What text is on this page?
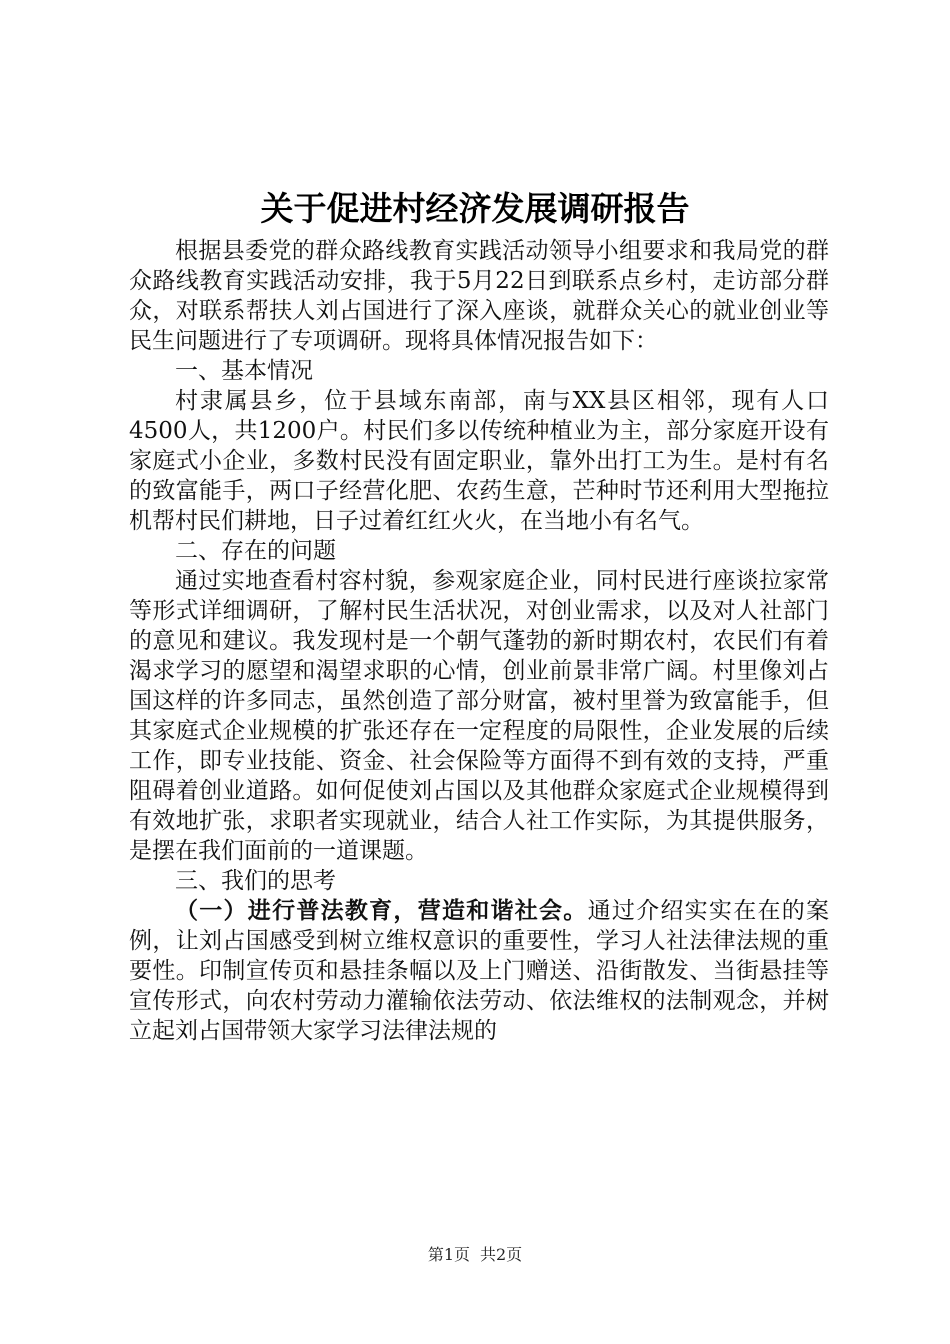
关于促进村经济发展调研报告

根据县委党的群众路线教育实践活动领导小组要求和我局党的群众路线教育实践活动安排，我于5月22日到联系点乡村，走访部分群众，对联系帮扶人刘占国进行了深入座谈，就群众关心的就业创业等民生问题进行了专项调研。现将具体情况报告如下：

一、基本情况

村隶属县乡，位于县域东南部，南与XX县区相邻，现有人口4500人，共1200户。村民们多以传统种植业为主，部分家庭开设有家庭式小企业，多数村民没有固定职业，靠外出打工为生。是村有名的致富能手，两口子经营化肥、农药生意，芒种时节还利用大型拖拉机帮村民们耕地，日子过着红红火火，在当地小有名气。

二、存在的问题

通过实地查看村容村貌，参观家庭企业，同村民进行座谈拉家常等形式详细调研，了解村民生活状况，对创业需求，以及对人社部门的意见和建议。我发现村是一个朝气蓬勃的新时期农村，农民们有着渴求学习的愿望和渴望求职的心情，创业前景非常广阔。村里像刘占国这样的许多同志，虽然创造了部分财富，被村里誉为致富能手，但其家庭式企业规模的扩张还存在一定程度的局限性，企业发展的后续工作，即专业技能、资金、社会保险等方面得不到有效的支持，严重阻碍着创业道路。如何促使刘占国以及其他群众家庭式企业规模得到有效地扩张，求职者实现就业，结合人社工作实际，为其提供服务，是摆在我们面前的一道课题。

三、我们的思考

（一）进行普法教育，营造和谐社会。通过介绍实实在在的案例，让刘占国感受到树立维权意识的重要性，学习人社法律法规的重要性。印制宣传页和悬挂条幅以及上门赠送、沿街散发、当街悬挂等宣传形式，向农村劳动力灌输依法劳动、依法维权的法制观念，并树立起刘占国带领大家学习法律法规的

第1页 共2页
